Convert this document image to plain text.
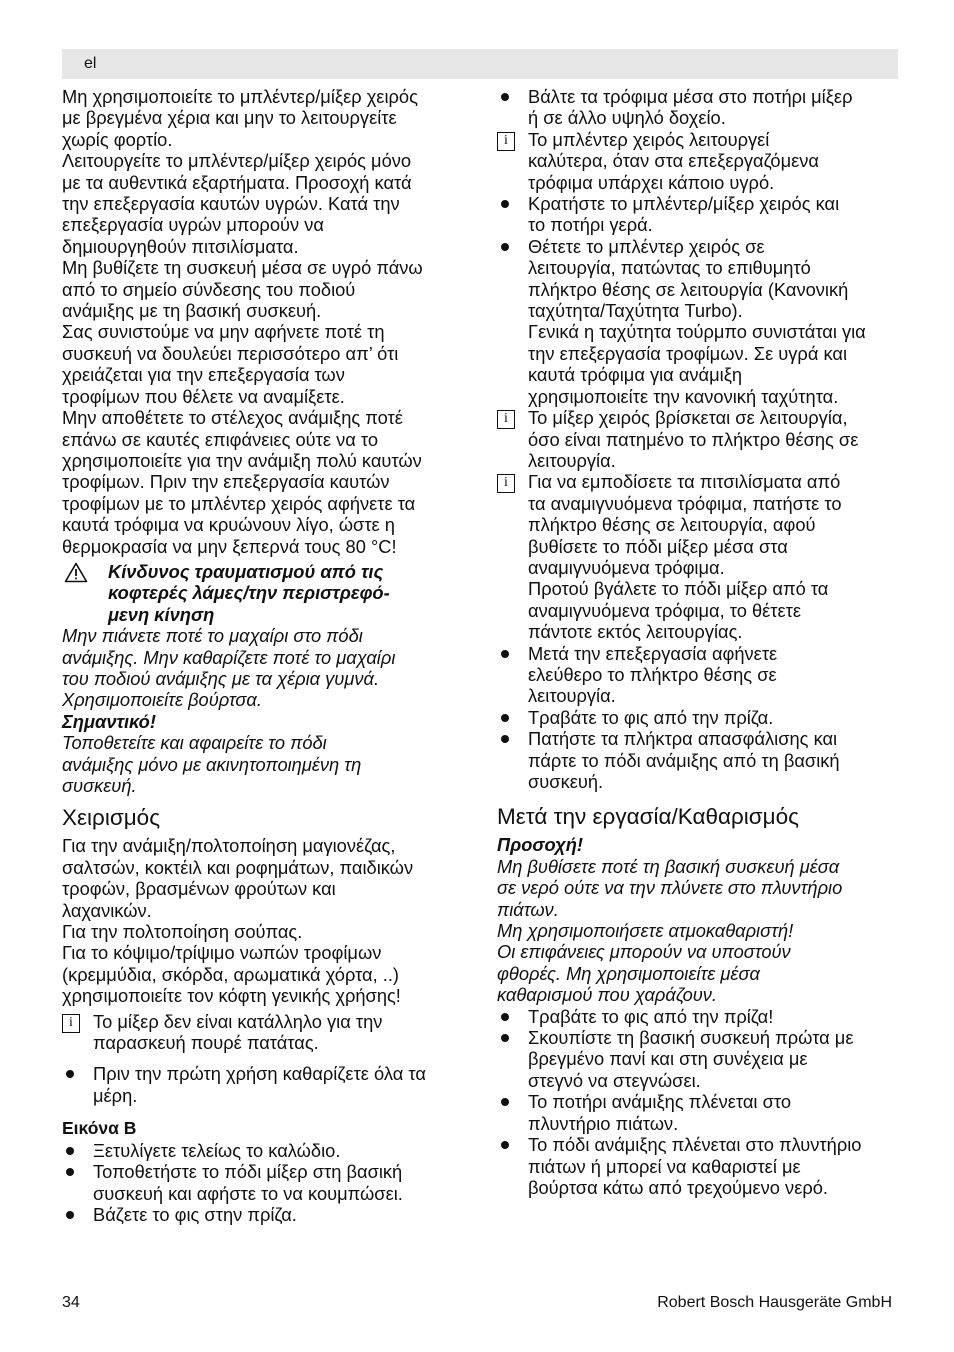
el

Μη χρησιμοποιείτε το μπλέντερ/μίξερ χειρός

με βρεγμένα χέρια και μην το λειτουργείτε

χωρίς φορτίο.

Λειτουργείτε το μπλέντερ/μίξερ χειρός μόνο

με τα αυθεντικά εξαρτήματα. Προσοχή κατά

την επεξεργασία καυτών υγρών. Κατά την

επεξεργασία υγρών μπορούν να

δημιουργηθούν πιτσιλίσματα.

Μη βυθίζετε τη συσκευή μέσα σε υγρό πάνω

από το σημείο σύνδεσης του ποδιού

ανάμιξης με τη βασική συσκευή.

Σας συνιστούμε να μην αφήνετε ποτέ τη

συσκευή να δουλεύει περισσότερο απ’ ότι

χρειάζεται για την επεξεργασία των

τροφίμων που θέλετε να αναμίξετε.

Μην αποθέτετε το στέλεχος ανάμιξης ποτέ

επάνω σε καυτές επιφάνειες ούτε να το

χρησιμοποιείτε για την ανάμιξη πολύ καυτών

τροφίμων. Πριν την επεξεργασία καυτών

τροφίμων με το μπλέντερ χειρός αφήνετε τα

καυτά τρόφιμα να κρυώνουν λίγο, ώστε η

θερμοκρασία να μην ξεπερνά τους 80 °C!

Κίνδυνος τραυματισμού από τις

κοφτερές λάμες/την περιστρεφό-

μενη κίνηση

Μην πιάνετε ποτέ το μαχαίρι στο πόδι

ανάμιξης. Μην καθαρίζετε ποτέ το μαχαίρι

του ποδιού ανάμιξης με τα χέρια γυμνά.

Χρησιμοποιείτε βούρτσα.

Σημαντικό!

Τοποθετείτε και αφαιρείτε το πόδι

ανάμιξης μόνο με ακινητοποιημένη τη

συσκευή.

Χειρισμός

Για την ανάμιξη/πολτοποίηση μαγιονέζας,

σαλτσών, κοκτέιλ και ροφημάτων, παιδικών

τροφών, βρασμένων φρούτων και

λαχανικών.

Για την πολτοποίηση σούπας.

Για το κόψιμο/τρίψιμο νωπών τροφίμων

(κρεμμύδια, σκόρδα, αρωματικά χόρτα, ..)

χρησιμοποιείτε τον κόφτη γενικής χρήσης!

i	Το μίξερ δεν είναι κατάλληλο για την

παρασκευή πουρέ πατάτας.

Πριν την πρώτη χρήση καθαρίζετε όλα τα

μέρη.

Εικόνα B

Ξετυλίγετε τελείως το καλώδιο.

Τοποθετήστε το πόδι μίξερ στη βασική

συσκευή και αφήστε το να κουμπώσει.

Βάζετε το φις στην πρίζα.

Βάλτε τα τρόφιμα μέσα στο ποτήρι μίξερ

ή σε άλλο υψηλό δοχείο.

i	Το μπλέντερ χειρός λειτουργεί

καλύτερα, όταν στα επεξεργαζόμενα

τρόφιμα υπάρχει κάποιο υγρό.

Κρατήστε το μπλέντερ/μίξερ χειρός και

το ποτήρι γερά.

Θέτετε το μπλέντερ χειρός σε

λειτουργία, πατώντας το επιθυμητό

πλήκτρο θέσης σε λειτουργία (Κανονική

ταχύτητα/Ταχύτητα Turbo).

Γενικά η ταχύτητα τούρμπο συνιστάται για

την επεξεργασία τροφίμων. Σε υγρά και

καυτά τρόφιμα για ανάμιξη

χρησιμοποιείτε την κανονική ταχύτητα.

i	Το μίξερ χειρός βρίσκεται σε λειτουργία,

όσο είναι πατημένο το πλήκτρο θέσης σε

λειτουργία.

i	Για να εμποδίσετε τα πιτσιλίσματα από

τα αναμιγνυόμενα τρόφιμα, πατήστε το

πλήκτρο θέσης σε λειτουργία, αφού

βυθίσετε το πόδι μίξερ μέσα στα

αναμιγνυόμενα τρόφιμα.

Προτού βγάλετε το πόδι μίξερ από τα

αναμιγνυόμενα τρόφιμα, το θέτετε

πάντοτε εκτός λειτουργίας.

Μετά την επεξεργασία αφήνετε

ελεύθερο το πλήκτρο θέσης σε

λειτουργία.

Τραβάτε το φις από την πρίζα.

Πατήστε τα πλήκτρα απασφάλισης και

πάρτε το πόδι ανάμιξης από τη βασική

συσκευή.

Μετά την εργασία/Καθαρισμός

Προσοχή!

Μη βυθίσετε ποτέ τη βασική συσκευή μέσα

σε νερό ούτε να την πλύνετε στο πλυντήριο

πιάτων.

Μη χρησιμοποιήσετε ατμοκαθαριστή!

Οι επιφάνειες μπορούν να υποστούν

φθορές. Μη χρησιμοποιείτε μέσα

καθαρισμού που χαράζουν.

Τραβάτε το φις από την πρίζα!

Σκουπίστε τη βασική συσκευή πρώτα με

βρεγμένο πανί και στη συνέχεια με

στεγνό να στεγνώσει.

Το ποτήρι ανάμιξης πλένεται στο

πλυντήριο πιάτων.

Το πόδι ανάμιξης πλένεται στο πλυντήριο

πιάτων ή μπορεί να καθαριστεί με

βούρτσα κάτω από τρεχούμενο νερό.

34	Robert Bosch Hausgeräte GmbH
